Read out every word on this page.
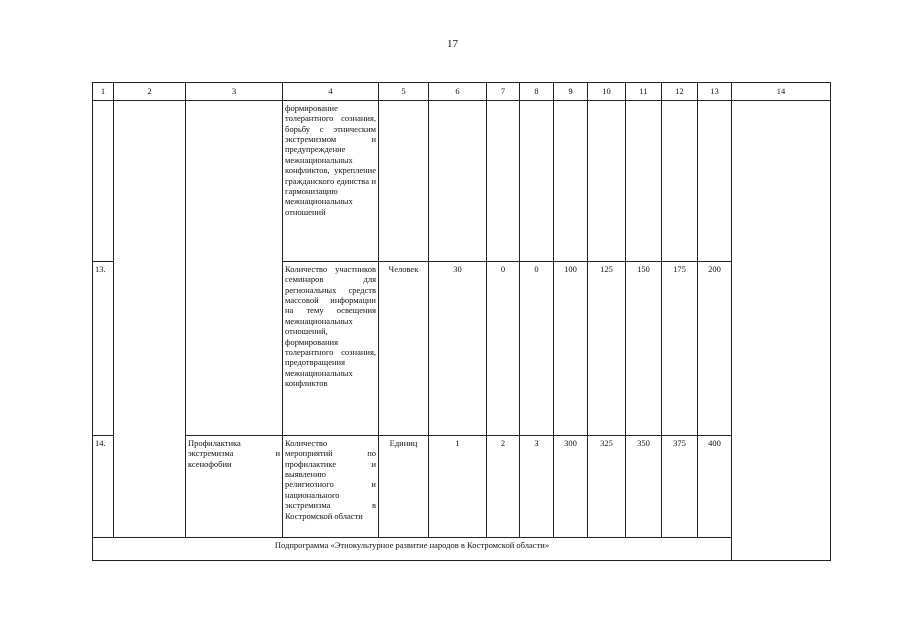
17
1	2	3	4	5	6	7	8	9	10	11	12	13	14
			формирование толерантного сознания, борьбу с этническим экстремизмом и предупреждение межнациональных конфликтов, укрепление гражданского единства и гармонизацию межнациональных отношений										
13.			Количество участников семинаров для региональных средств массовой информации на тему освещения межнациональных отношений, формирования толерантного сознания, предотвращения межнациональных конфликтов	Человек	30	0	0	100	125	150	175	200	
14.		Профилактика экстремизма и ксенофобии	Количество мероприятий по профилактике и выявлению религиозного и национального экстремизма в Костромской области	Единиц	1	2	3	300	325	350	375	400	
Подпрограмма «Этнокультурное развитие народов в Костромской области»													
